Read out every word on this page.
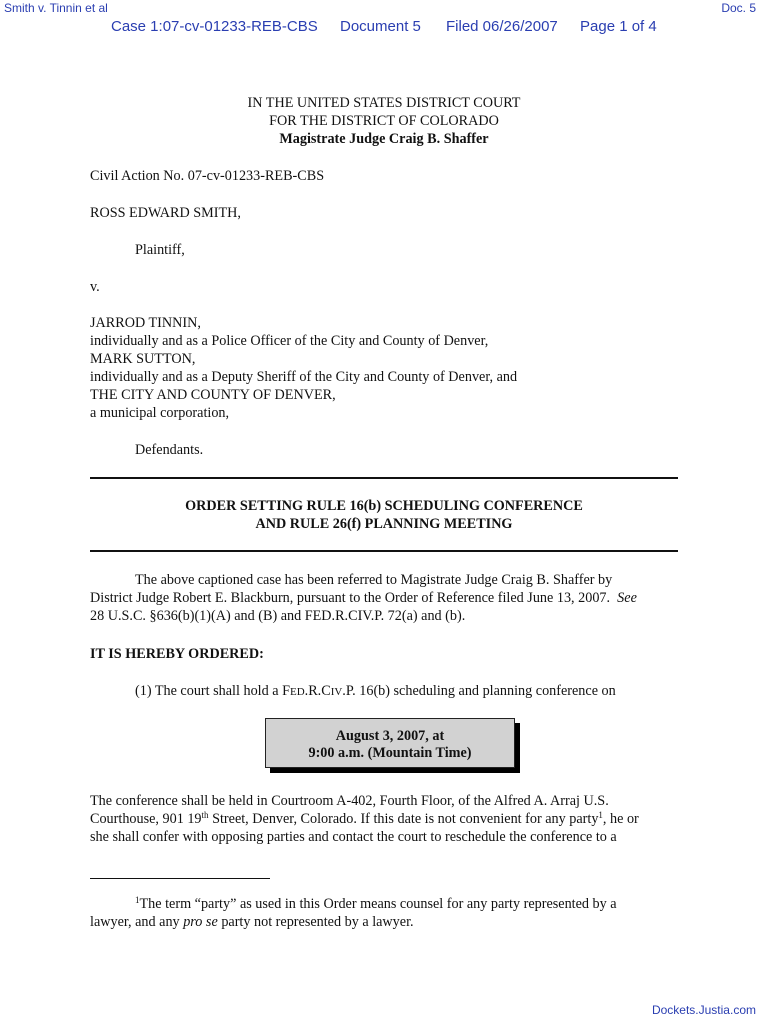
Smith v. Tinnin et al	Doc. 5
Case 1:07-cv-01233-REB-CBS Document 5 Filed 06/26/2007 Page 1 of 4
IN THE UNITED STATES DISTRICT COURT
FOR THE DISTRICT OF COLORADO
Magistrate Judge Craig B. Shaffer
Civil Action No. 07-cv-01233-REB-CBS
ROSS EDWARD SMITH,
Plaintiff,
v.
JARROD TINNIN,
individually and as a Police Officer of the City and County of Denver,
MARK SUTTON,
individually and as a Deputy Sheriff of the City and County of Denver, and
THE CITY AND COUNTY OF DENVER,
a municipal corporation,
Defendants.
ORDER SETTING RULE 16(b) SCHEDULING CONFERENCE
AND RULE 26(f) PLANNING MEETING
The above captioned case has been referred to Magistrate Judge Craig B. Shaffer by
District Judge Robert E. Blackburn, pursuant to the Order of Reference filed June 13, 2007. See
28 U.S.C. §636(b)(1)(A) and (B) and FED.R.CIV.P. 72(a) and (b).
IT IS HEREBY ORDERED:
(1) The court shall hold a FED.R.CIV.P. 16(b) scheduling and planning conference on
August 3, 2007, at
9:00 a.m. (Mountain Time)
The conference shall be held in Courtroom A-402, Fourth Floor, of the Alfred A. Arraj U.S.
Courthouse, 901 19th Street, Denver, Colorado. If this date is not convenient for any party$^1$, he or
she shall confer with opposing parties and contact the court to reschedule the conference to a
$^1$The term “party” as used in this Order means counsel for any party represented by a
lawyer, and any pro se party not represented by a lawyer.
Dockets.Justia.com
